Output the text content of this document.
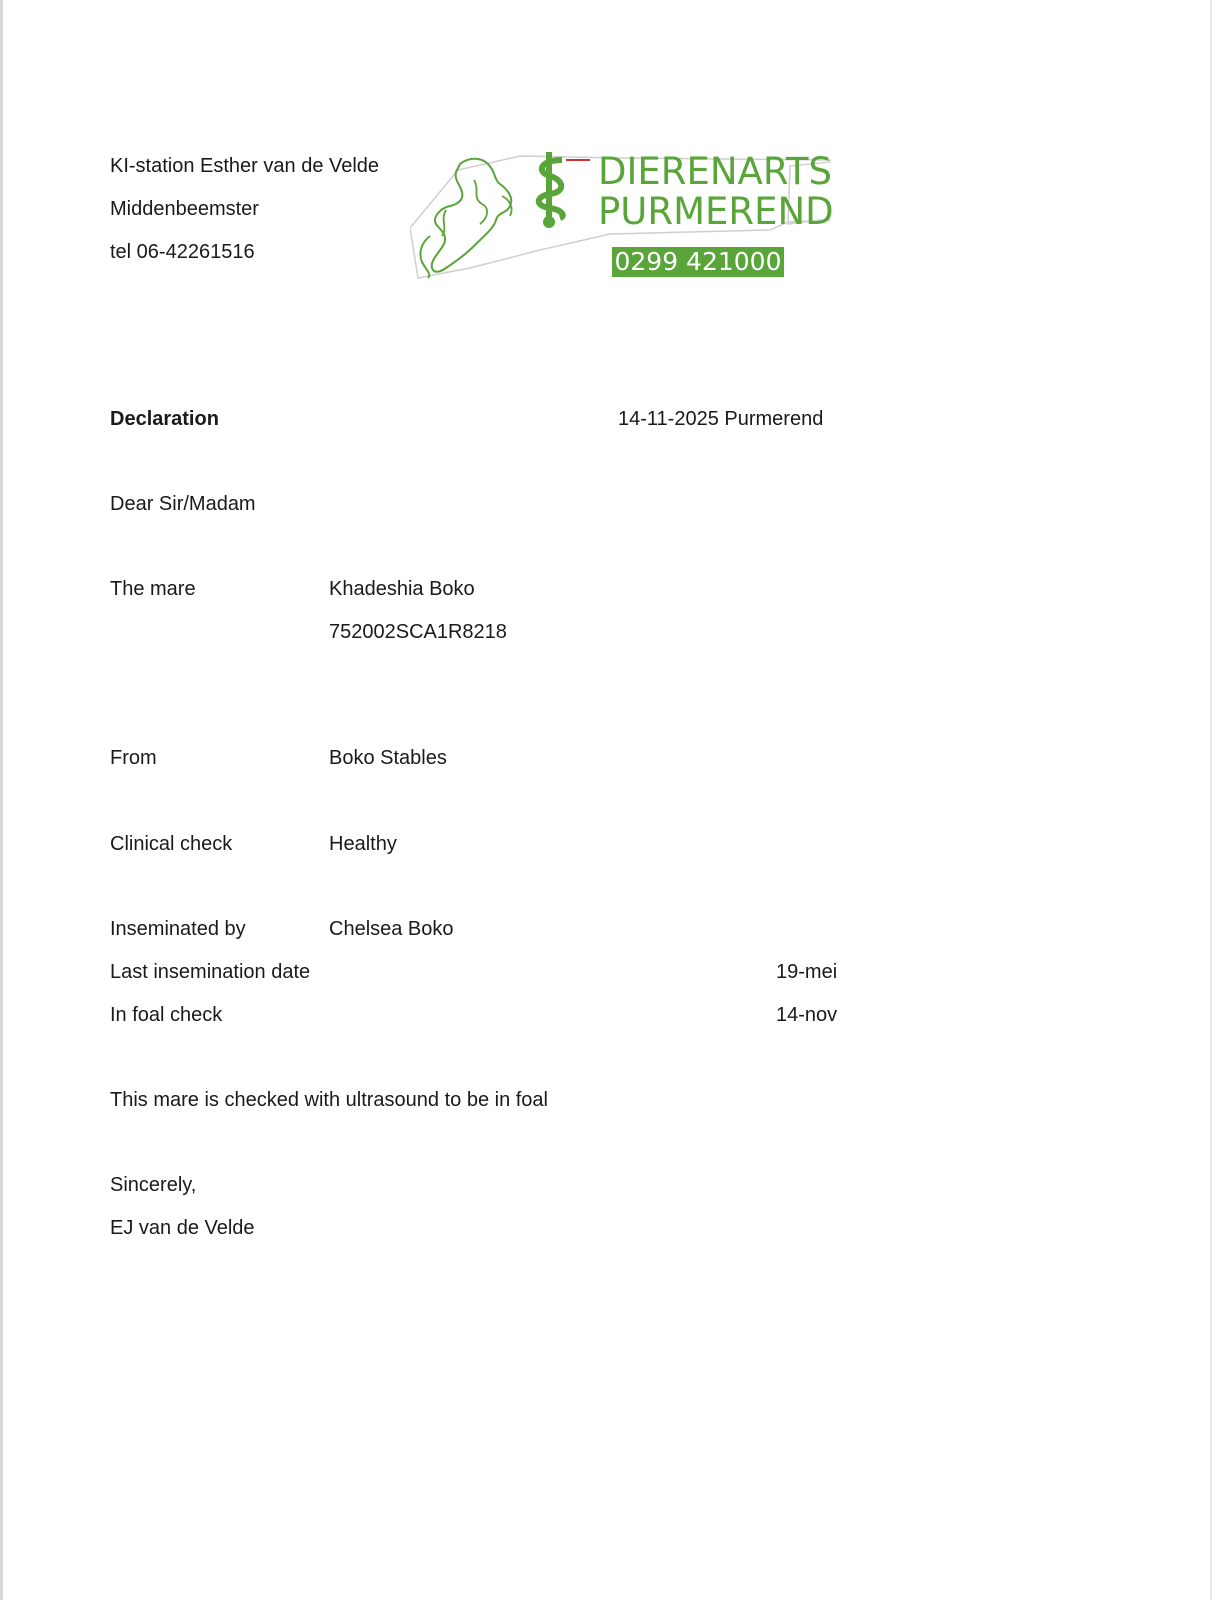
KI-station Esther van de Velde
Middenbeemster
tel 06-42261516
DIERENARTS
PURMEREND
0299 421000
Declaration	14-11-2025 Purmerend
Dear Sir/Madam
The mare	Khadeshia Boko
752002SCA1R8218
From	Boko Stables
Clinical check	Healthy
Inseminated by	Chelsea Boko
Last insemination date	19-mei
In foal check	14-nov
This mare is checked with ultrasound to be in foal
Sincerely,
EJ van de Velde
